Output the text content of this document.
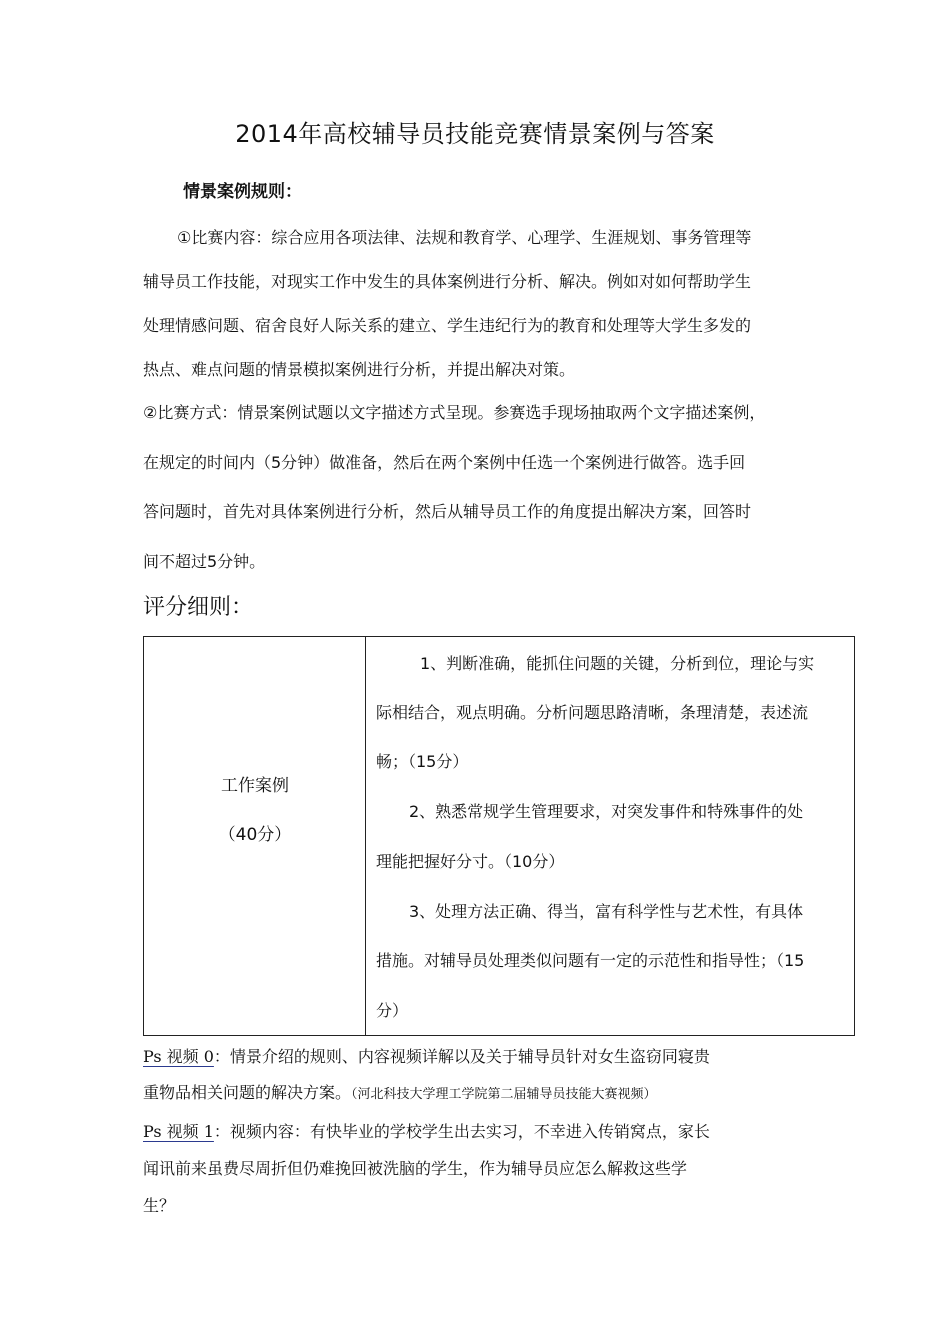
2014年高校辅导员技能竞赛情景案例与答案
情景案例规则：
①比赛内容：综合应用各项法律、法规和教育学、心理学、生涯规划、事务管理等
辅导员工作技能，对现实工作中发生的具体案例进行分析、解决。例如对如何帮助学生
处理情感问题、宿舍良好人际关系的建立、学生违纪行为的教育和处理等大学生多发的
热点、难点问题的情景模拟案例进行分析，并提出解决对策。
②比赛方式：情景案例试题以文字描述方式呈现。参赛选手现场抽取两个文字描述案例，
在规定的时间内（5分钟）做准备，然后在两个案例中任选一个案例进行做答。选手回
答问题时，首先对具体案例进行分析，然后从辅导员工作的角度提出解决方案，回答时
间不超过5分钟。
评分细则：
工作案例
（40分）
1、判断准确，能抓住问题的关键，分析到位，理论与实
际相结合，观点明确。分析问题思路清晰，条理清楚，表述流
畅；（15分）
2、熟悉常规学生管理要求，对突发事件和特殊事件的处
理能把握好分寸。（10分）
3、处理方法正确、得当，富有科学性与艺术性，有具体
措施。对辅导员处理类似问题有一定的示范性和指导性；（15
分）
Ps 视频 0：情景介绍的规则、内容视频详解以及关于辅导员针对女生盗窃同寝贵
重物品相关问题的解决方案。（河北科技大学理工学院第二届辅导员技能大赛视频）
Ps 视频 1：视频内容：有快毕业的学校学生出去实习，不幸进入传销窝点，家长
闻讯前来虽费尽周折但仍难挽回被洗脑的学生，作为辅导员应怎么解救这些学
生？
